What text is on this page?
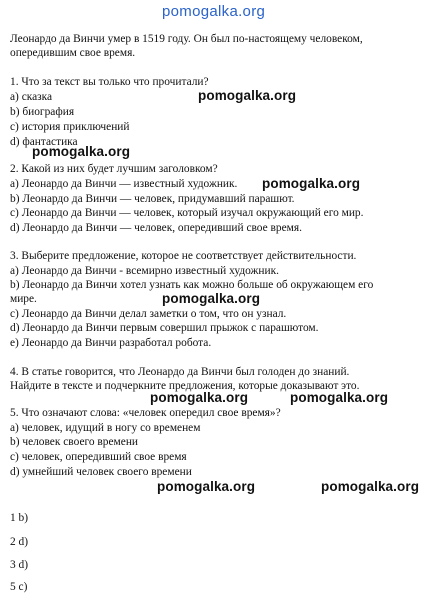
pomogalka.org
Леонардо да Винчи умер в 1519 году. Он был по-настоящему человеком,
опередившим свое время.
1. Что за текст вы только что прочитали?
a) сказка
b) биография
c) история приключений
d) фантастика
pomogalka.org
pomogalka.org
2. Какой из них будет лучшим заголовком?
a) Леонардо да Винчи — известный художник.
b) Леонардо да Винчи — человек, придумавший парашют.
c) Леонардо да Винчи — человек, который изучал окружающий его мир.
d) Леонардо да Винчи — человек, опередивший свое время.
pomogalka.org
3. Выберите предложение, которое не соответствует действительности.
a) Леонардо да Винчи - всемирно известный художник.
b) Леонардо да Винчи хотел узнать как можно больше об окружающем его
мире.
c) Леонардо да Винчи делал заметки о том, что он узнал.
d) Леонардо да Винчи первым совершил прыжок с парашютом.
e) Леонардо да Винчи разработал робота.
pomogalka.org
4. В статье говорится, что Леонардо да Винчи был голоден до знаний.
Найдите в тексте и подчеркните предложения, которые доказывают это.
pomogalka.org	pomogalka.org
5. Что означают слова: «человек опередил свое время»?
a) человек, идущий в ногу со временем
b) человек своего времени
c) человек, опередивший свое время
d) умнейший человек своего времени
pomogalka.org	pomogalka.org
1 b)
2 d)
3 d)
5 c)
